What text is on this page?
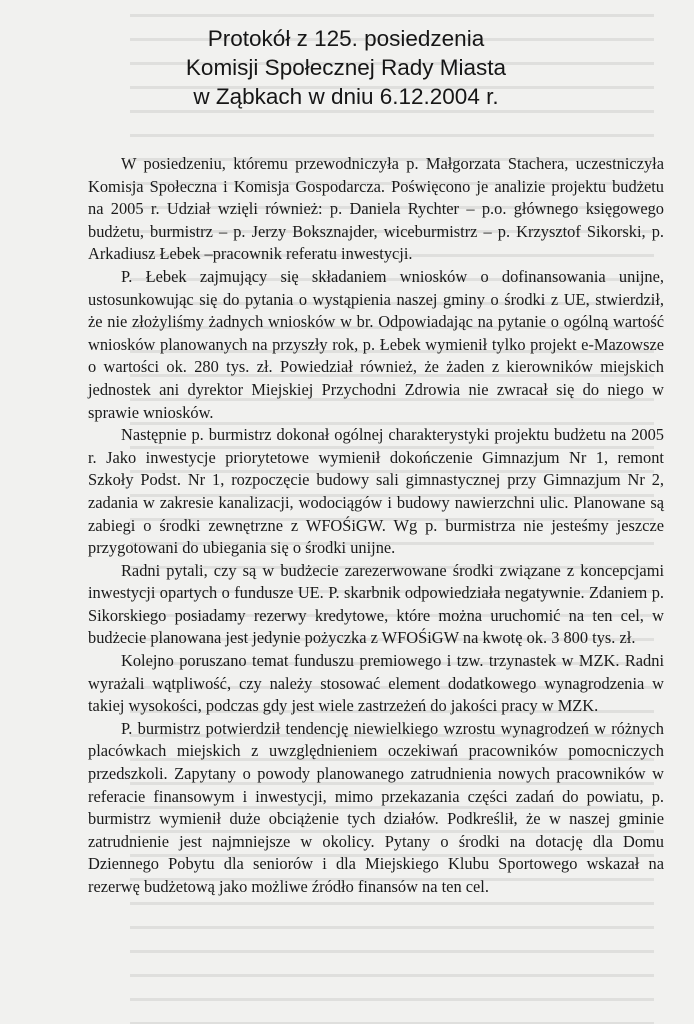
Protokół z 125. posiedzenia
Komisji Społecznej Rady Miasta
w Ząbkach w dniu 6.12.2004 r.

W posiedzeniu, któremu przewodniczyła p. Małgorzata Stachera, uczestniczyła Komisja Społeczna i Komisja Gospodarcza. Poświęcono je analizie projektu budżetu na 2005 r. Udział wzięli również: p. Daniela Rychter – p.o. głównego księgowego budżetu, burmistrz – p. Jerzy Boksznajder, wiceburmistrz – p. Krzysztof Sikorski, p. Arkadiusz Łebek –pracownik referatu inwestycji.

P. Łebek zajmujący się składaniem wniosków o dofinansowania unijne, ustosunkowując się do pytania o wystąpienia naszej gminy o środki z UE, stwierdził, że nie złożyliśmy żadnych wniosków w br. Odpowiadając na pytanie o ogólną wartość wniosków planowanych na przyszły rok, p. Łebek wymienił tylko projekt e-Mazowsze o wartości ok. 280 tys. zł. Powiedział również, że żaden z kierowników miejskich jednostek ani dyrektor Miejskiej Przychodni Zdrowia nie zwracał się do niego w sprawie wniosków.

Następnie p. burmistrz dokonał ogólnej charakterystyki projektu budżetu na 2005 r. Jako inwestycje priorytetowe wymienił dokończenie Gimnazjum Nr 1, remont Szkoły Podst. Nr 1, rozpoczęcie budowy sali gimnastycznej przy Gimnazjum Nr 2, zadania w zakresie kanalizacji, wodociągów i budowy nawierzchni ulic. Planowane są zabiegi o środki zewnętrzne z WFOŚiGW. Wg p. burmistrza nie jesteśmy jeszcze przygotowani do ubiegania się o środki unijne.

Radni pytali, czy są w budżecie zarezerwowane środki związane z koncepcjami inwestycji opartych o fundusze UE. P. skarbnik odpowiedziała negatywnie. Zdaniem p. Sikorskiego posiadamy rezerwy kredytowe, które można uruchomić na ten cel, w budżecie planowana jest jedynie pożyczka z WFOŚiGW na kwotę ok. 3 800 tys. zł.

Kolejno poruszano temat funduszu premiowego i tzw. trzynastek w MZK. Radni wyrażali wątpliwość, czy należy stosować element dodatkowego wynagrodzenia w takiej wysokości, podczas gdy jest wiele zastrzeżeń do jakości pracy w MZK.

P. burmistrz potwierdził tendencję niewielkiego wzrostu wynagrodzeń w różnych placówkach miejskich z uwzględnieniem oczekiwań pracowników pomocniczych przedszkoli. Zapytany o powody planowanego zatrudnienia nowych pracowników w referacie finansowym i inwestycji, mimo przekazania części zadań do powiatu, p. burmistrz wymienił duże obciążenie tych działów. Podkreślił, że w naszej gminie zatrudnienie jest najmniejsze w okolicy. Pytany o środki na dotację dla Domu Dziennego Pobytu dla seniorów i dla Miejskiego Klubu Sportowego wskazał na rezerwę budżetową jako możliwe źródło finansów na ten cel.
